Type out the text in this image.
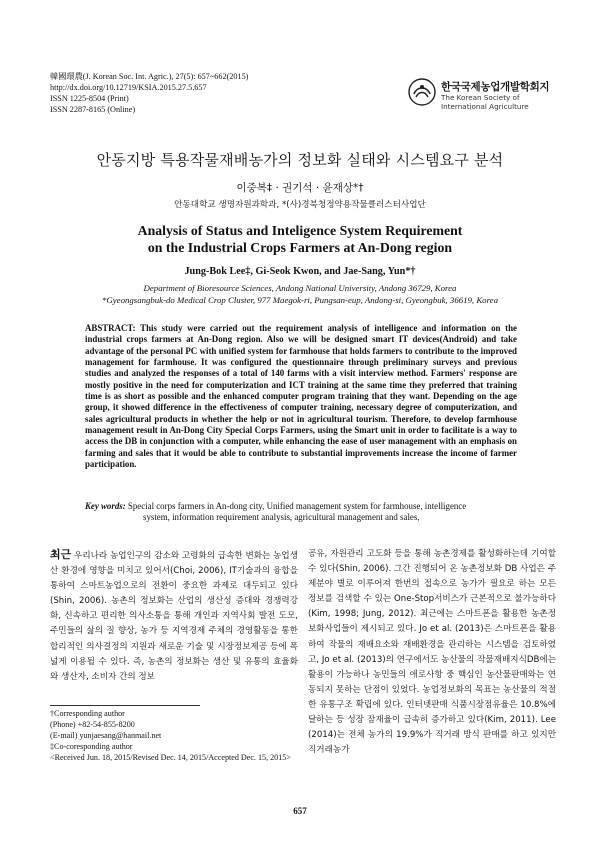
韓國環農(J. Korean Soc. Int. Agric.), 27(5): 657~662(2015)
http://dx.doi.org/10.12719/KSIA.2015.27.5.657
ISSN 1225-8504 (Print)
ISSN 2287-8165 (Online)
한국국제농업개발학회지
The Korean Society of International Agriculture
안동지방 특용작물재배농가의 정보화 실태와 시스템요구 분석
이중복‡ · 권기석 · 윤재상*†
안동대학교 생명자원과학과, *(사)경북청정약용작물클러스터사업단
Analysis of Status and Inteligence System Requirement
on the Industrial Crops Farmers at An-Dong region
Jung-Bok Lee‡, Gi-Seok Kwon, and Jae-Sang, Yun*†
Department of Bioresource Sciences, Andong National University, Andong 36729, Korea
*Gyeongsangbuk-do Medical Crop Cluster, 977 Maegok-ri, Pungsan-eup, Andong-si, Gyeongbuk, 36619, Korea
ABSTRACT: This study were carried out the requirement analysis of intelligence and information on the industrial crops farmers at An-Dong region. Also we will be designed smart IT devices(Android) and take advantage of the personal PC with unified system for farmhouse that holds farmers to contribute to the improved management for farmhouse. It was configured the questionnaire through preliminary surveys and previous studies and analyzed the responses of a total of 140 farms with a visit interview method. Farmers' response are mostly positive in the need for computerization and ICT training at the same time they preferred that training time is as short as possible and the enhanced computer program training that they want. Depending on the age group, it showed difference in the effectiveness of computer training, necessary degree of computerization, and sales agricultural products in whether the help or not in agricultural tourism. Therefore, to develop farmhouse management result in An-Dong City Special Corps Farmers, using the Smart unit in order to facilitate is a way to access the DB in conjunction with a computer, while enhancing the ease of user management with an emphasis on farming and sales that it would be able to contribute to substantial improvements increase the income of farmer participation.
Key words: Special corps farmers in An-dong city, Unified management system for farmhouse, intelligence
system, information requirement analysis, agricultural management and sales,
최근 우리나라 농업인구의 감소와 고령화의 급속한 변화는 농업생산 환경에 영향을 미치고 있어서(Choi, 2006), IT기술과의 융합을 통하여 스마트농업으로의 전환이 중요한 과제로 대두되고 있다(Shin, 2006). 농촌의 정보화는 산업의 생산성 증대와 경쟁력강화, 신속하고 편리한 의사소통을 통해 개인과 지역사회 발전 도모, 주민들의 삶의 질 향상, 농가 등 지역경제 주체의 경영활동을 통한 합리적인 의사결정의 지원과 새로운 기술 및 시장정보제공 등에 폭넓게 이용될 수 있다. 즉, 농촌의 정보화는 생산 및 유통의 효율화와 생산자, 소비자 간의 정보
공유, 자원관리 고도화 등을 통해 농촌경제를 활성화하는데 기여할 수 있다(Shin, 2006). 그간 진행되어 온 농촌정보화 DB 사업은 주제분야 별로 이루어져 한번의 접속으로 농가가 필요로 하는 모든 정보를 검색할 수 있는 One-Stop서비스가 근본적으로 불가능하다(Kim, 1998; Jung, 2012). 최근에는 스마트폰을 활용한 농촌정보화사업들이 제시되고 있다. Jo et al. (2013)은 스마트폰을 활용하여 작물의 재배요소와 재배환경을 관리하는 시스템을 검토하였고, Jo et al. (2013)의 연구에서도 농산물의 작물재배지식DB에는 활용이 가능하나 농민들의 애로사항 중 핵심인 농산물판매와는 연동되지 못하는 단점이 있었다. 농업정보화의 목표는 농산물의 적절한 유통구조 확립에 있다. 인터넷판매 식품시장점유율은 10.8%에 달하는 등 성장 잠재율이 급속히 증가하고 있다(Kim, 2011). Lee (2014)는 전체 농가의 19.9%가 직거래 방식 판매를 하고 있지만 직거래농가
†Corresponding author
(Phone) +82-54-855-8200
(E-mail) yunjaesang@hanmail.net
‡Co-coresponding author
<Received Jun. 18, 2015/Revised Dec. 14, 2015/Accepted Dec. 15, 2015>
657
